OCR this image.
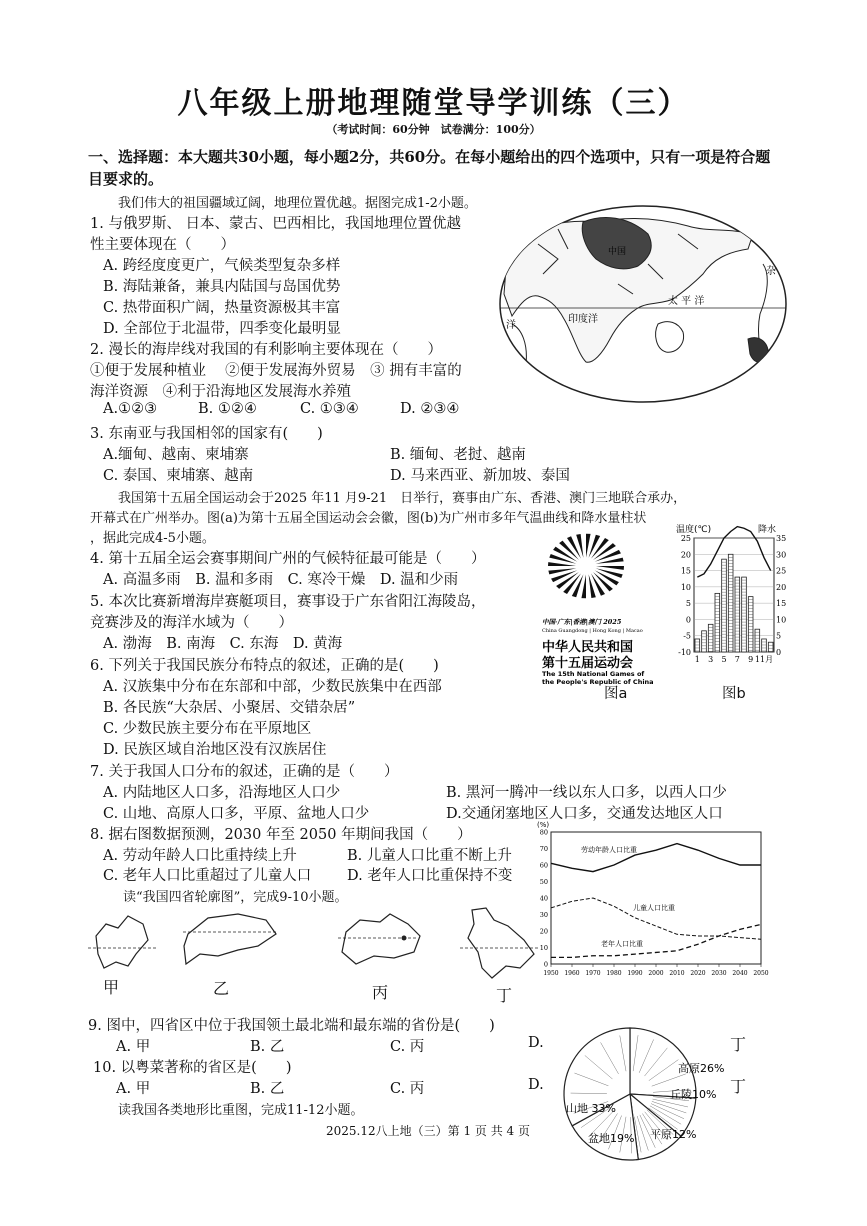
八年级上册地理随堂导学训练（三）
（考试时间：60分钟　试卷满分：100分）
一、选择题：本大题共30小题，每小题2分，共60分。在每小题给出的四个选项中，只有一项是符合题
目要求的。
我们伟大的祖国疆域辽阔，地理位置优越。据图完成1-2小题。
1. 与俄罗斯、 日本、蒙古、巴西相比，我国地理位置优越
性主要体现在（　　）
A. 跨经度度更广，气候类型复杂多样
B. 海陆兼备，兼具内陆国与岛国优势
C. 热带面积广阔，热量资源极其丰富
D. 全部位于北温带，四季变化最明显
2. 漫长的海岸线对我国的有利影响主要体现在（　　）
①便于发展种植业　 ②便于发展海外贸易　③ 拥有丰富的
海洋资源　④利于沿海地区发展海水养殖
A.①②③	B. ①②④	C. ①③④	D. ②③④
中国
印度洋
太 平 洋
洋
杂
3. 东南亚与我国相邻的国家有(　　)
A.缅甸、越南、柬埔寨	B. 缅甸、老挝、越南
C. 泰国、柬埔寨、越南	D. 马来西亚、新加坡、泰国
我国第十五届全国运动会于2025 年11 月9-21　日举行，赛事由广东、香港、澳门三地联合承办，
开幕式在广州举办。图(a)为第十五届全国运动会会徽，图(b)为广州市多年气温曲线和降水量柱状
，据此完成4-5小题。
4. 第十五届全运会赛事期间广州的气候特征最可能是（　　）
A. 高温多雨　B. 温和多雨　C. 寒冷干燥　D. 温和少雨
5. 本次比赛新增海岸赛艇项目，赛事设于广东省阳江海陵岛，
竞赛涉及的海洋水域为（　　）
A. 渤海　B. 南海　C. 东海　D. 黄海
中国·广东|香港|澳门 2025
China Guangdong | Hong Kong | Macao
中华人民共和国
第十五届运动会
The 15th National Games of
the People's Republic of China
图a
温度(℃)	降水
25	35
20	30
15	25
10	20
5	15
0	10
-5	5
-10	0
1 3 5 7 9 11月
图b
6. 下列关于我国民族分布特点的叙述，正确的是(　　)
A. 汉族集中分布在东部和中部，少数民族集中在西部
B. 各民族“大杂居、小聚居、交错杂居”
C. 少数民族主要分布在平原地区
D. 民族区域自治地区没有汉族居住
7. 关于我国人口分布的叙述，正确的是（　　）
A. 内陆地区人口多，沿海地区人口少	B. 黑河一腾冲一线以东人口多，以西人口少
C. 山地、高原人口多，平原、盆地人口少	D.交通闭塞地区人口多，交通发达地区人口
8. 据右图数据预测，2030 年至 2050 年期间我国（　　）
A. 劳动年龄人口比重持续上升	B. 儿童人口比重不断上升
C. 老年人口比重超过了儿童人口 D. 老年人口比重保持不变
(%)
0
10
20
30
40
50
60
70
80
1950 1960 1970 1980 1990 2000 2010 2020 2030 2040 2050
劳动年龄人口比重
儿童人口比重
老年人口比重
读“我国四省轮廓图”，完成9-10小题。
甲	乙	丙	丁
9. 图中，四省区中位于我国领土最北端和最东端的省份是(　　)
A. 甲	B. 乙	C. 丙	D.	丁
10. 以粤菜著称的省区是(　　)
A. 甲	B. 乙	C. 丙	D.	丁
读我国各类地形比重图，完成11-12小题。
高原26%
丘陵10%
平原12%
盆地19%
山地 33%
2025.12八上地（三）第 1 页 共 4 页
